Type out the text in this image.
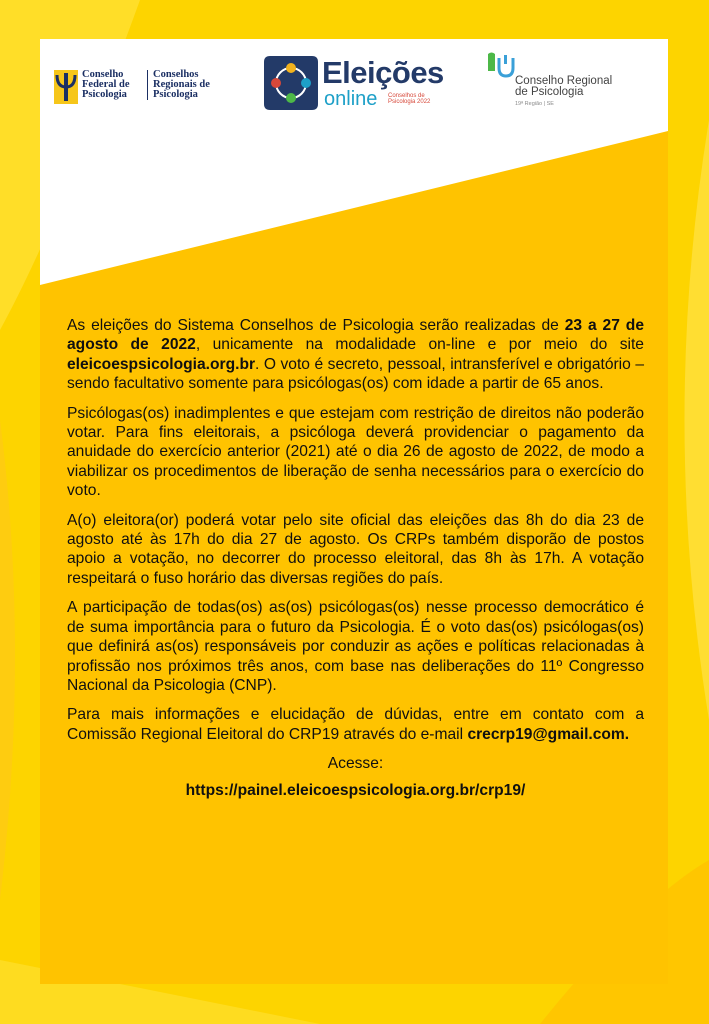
Conselho
Federal de
Psicologia
Conselhos
Regionais de
Psicologia
Eleições
online Conselhos de
Psicologia 2022
Conselho Regional
de Psicologia
19ª Região | SE

As eleições do Sistema Conselhos de Psicologia serão realizadas de 23 a 27 de agosto de 2022, unicamente na modalidade on-line e por meio do site eleicoespsicologia.org.br. O voto é secreto, pessoal, intransferível e obrigatório – sendo facultativo somente para psicólogas(os) com idade a partir de 65 anos.

Psicólogas(os) inadimplentes e que estejam com restrição de direitos não poderão votar. Para fins eleitorais, a psicóloga deverá providenciar o pagamento da anuidade do exercício anterior (2021) até o dia 26 de agosto de 2022, de modo a viabilizar os procedimentos de liberação de senha necessários para o exercício do voto.

A(o) eleitora(or) poderá votar pelo site oficial das eleições das 8h do dia 23 de agosto até às 17h do dia 27 de agosto. Os CRPs também disporão de postos apoio a votação, no decorrer do processo eleitoral, das 8h às 17h. A votação respeitará o fuso horário das diversas regiões do país.

A participação de todas(os) as(os) psicólogas(os) nesse processo democrático é de suma importância para o futuro da Psicologia. É o voto das(os) psicólogas(os) que definirá as(os) responsáveis por conduzir as ações e políticas relacionadas à profissão nos próximos três anos, com base nas deliberações do 11º Congresso Nacional da Psicologia (CNP).

Para mais informações e elucidação de dúvidas, entre em contato com a Comissão Regional Eleitoral do CRP19 através do e-mail crecrp19@gmail.com.

Acesse:

https://painel.eleicoespsicologia.org.br/crp19/
